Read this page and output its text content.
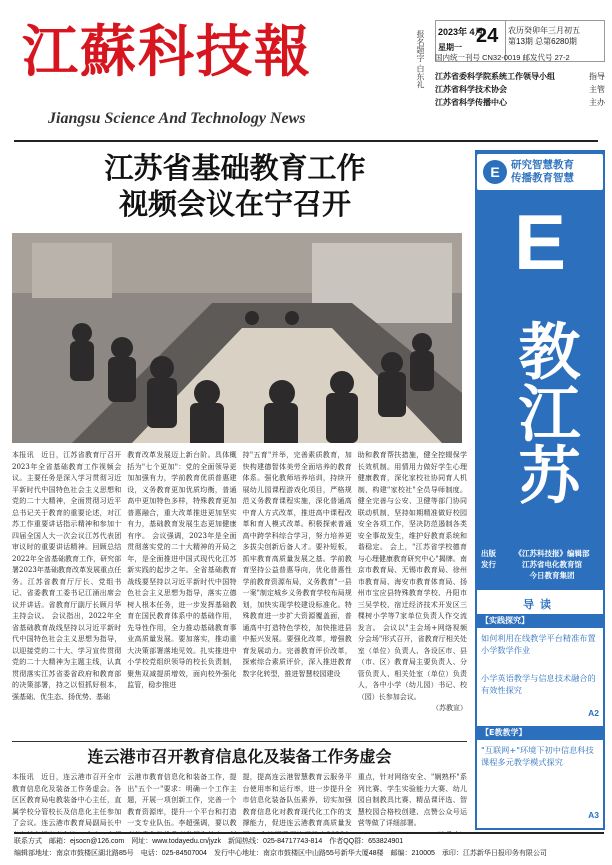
江蘇科技報
Jiangsu Science And Technology News
报名题字 白东礼 2023年 4月
星期一
24 农历癸卯年三月初五
第13期 总第6280期
国内统一刊号 CN32-0019 邮发代号 27-2
江苏省委科学院系统工作领导小组	指导
江苏省科学技术协会	主管
江苏省科学传播中心	主办
江苏省基础教育工作
视频会议在宁召开
本报讯　近日，江苏省教育厅召开2023年全省基础教育工作视频会议。主要任务是深入学习贯彻习近平新时代中国特色社会主义思想和党的二十大精神，全面贯彻习近平总书记关于教育的重要论述，对江苏工作重要讲话指示精神和参加十四届全国人大一次会议江苏代表团审议时的重要讲话精神。回顾总结2022年全省基础教育工作，研究部署2023年基础教育改革发展重点任务。江苏省教育厅厅长、党组书记、省委教育工委书记江涌出席会议并讲话。省教育厅副厅长顾月华主持会议。 会议指出，2022年全省基础教育战线坚持以习近平新时代中国特色社会主义思想为指导，以迎接党的二十大、学习宣传贯彻党的二十大精神为主题主线，认真贯彻落实江苏省委省政府和教育部的决策部署，持之以恒抓好根本，强基础、优生态、扬优势、基础
教育改革发展迈上新台阶。具体概括为"七个更加"：党的全面领导更加加强有力，学前教育优质普惠建设，义务教育更加优质均衡，普通高中更加特色多样，特殊教育更加普惠融合，重大改革推进更加坚实有力，基础教育发展生态更加健康有序。 会议强调，2023年是全面贯彻落实党的二十大精神的开局之年，是全面推进中国式现代化江苏新实践的起步之年。全省基础教育战线要坚持以习近平新时代中国特色社会主义思想为指导，落实立德树人根本任务，进一步发挥基础教育在国民教育体系中的基础作用，先导性作用，全力推动基础教育事业高质量发展。要加落实，推动重大决策部署落地见效。扎实推进中小学校党组织领导的校长负责制，聚焦双减提质增效，面向校外强化监管，稳步推进
持"五育"并举，完善素质教育，加快构建德智体美劳全面培养的教育体系。强化教师培养培训，持续开展幼儿园课程游戏化项目，严格规范义务教育课程实施，深化普通高中育人方式改革，推进高中课程改革和育人模式改革。积极探索普通高中跨学科综合学习，努力培养更多拔尖创新后备人才。要补短板，抓牢教育高质量发展之基。学前教育坚持公益普惠导向，优化普惠性学前教育资源布局，义务教育"一县一案"制定城乡义务教育学校布局规划，加快实现学校建设标准化。特殊教育进一步扩大资源覆盖面，普通高中打造特色学校，加快推进县中振兴发展。要强化改革，增强教育发展动力。完善教育评价改革，探索综合素质评价，深入推进教育数字化转型，推进智慧校园建设
助和教育帮扶措施，健全控辍保学长效机制。用情用力做好学生心理健康教育，深化家校社协同育人机制，构建"家校社"全员导师制度。健全完善与公安、卫健等部门协同联动机制，坚持如期精准做好校园安全各项工作，坚决防范遏制各类安全事故发生，维护好教育系统和谐稳定。 会上，"江苏省学校德育与心理健康教育研究中心"揭牌。南京市教育局、无锡市教育局、徐州市教育局、海安市教育体育局、扬州市宝应县特殊教育学校、丹阳市三吴学校、宿迁经济技术开发区三棵树小学等7家单位负责人作交流发言。 会议以"主会场+网络视频分会场"形式召开，省教育厅相关处室（单位）负责人、各设区市、县（市、区）教育局主要负责人、分管负责人、相关处室（单位）负责人，各中小学（幼儿园）书记、校（园）长参加会议。
（苏教宣）
连云港市召开教育信息化及装备工作务虚会
本报讯　近日，连云港市召开全市教育信息化及装备工作务虚会。各区区教育局电教装备中心主任，直属学校分管校长及信息化主任参加了会议。连云港市教育局副局长中
云港市教育信息化和装备工作，提出"五个一"要求：明确一个工作主题，开展一项创新工作，完善一个教育资源库，提升一个平台和打造一支专业队伍。李超强调，要以教
提，提高连云港智慧教育云服务平台使用率和运行率，进一步提升全市信息化装备队伍素养，切实加强教育信息化对教育现代化工作的支撑能力，促进连云港教育高质量发
重点，针对网络安全、"娴熟杯"系列比赛、学生实验能力大赛、幼儿园自制教具比赛、精品课评选、智慧校园合格校创建、点赞公众号运营等做了详细部署。
联系方式　邮箱：ejsocn@126.com　网址：www.todayedu.cn/jyzk　新闻热线：025-84717743-814　作者QQ群：653824901
编辑部地址：南京市鼓楼区湖北路85号　电话：025-84507004　发行中心地址：南京市鼓楼区中山路55号新华大厦48楼　邮编：210005　承印：江苏新华日报印务有限公司
E	研究智慧教育
传播教育智慧
E
教江苏
出版
发行
《江苏科技报》编辑部
江苏省电化教育馆
今日教育集团
导读
【实践探究】
如何利用在线教学平台精准布置小学数学作业
小学英语教学与信息技术融合的有效性探究
A2
【E教教学】
"互联网+"环境下初中信息科技课程多元教学模式探究
A3
